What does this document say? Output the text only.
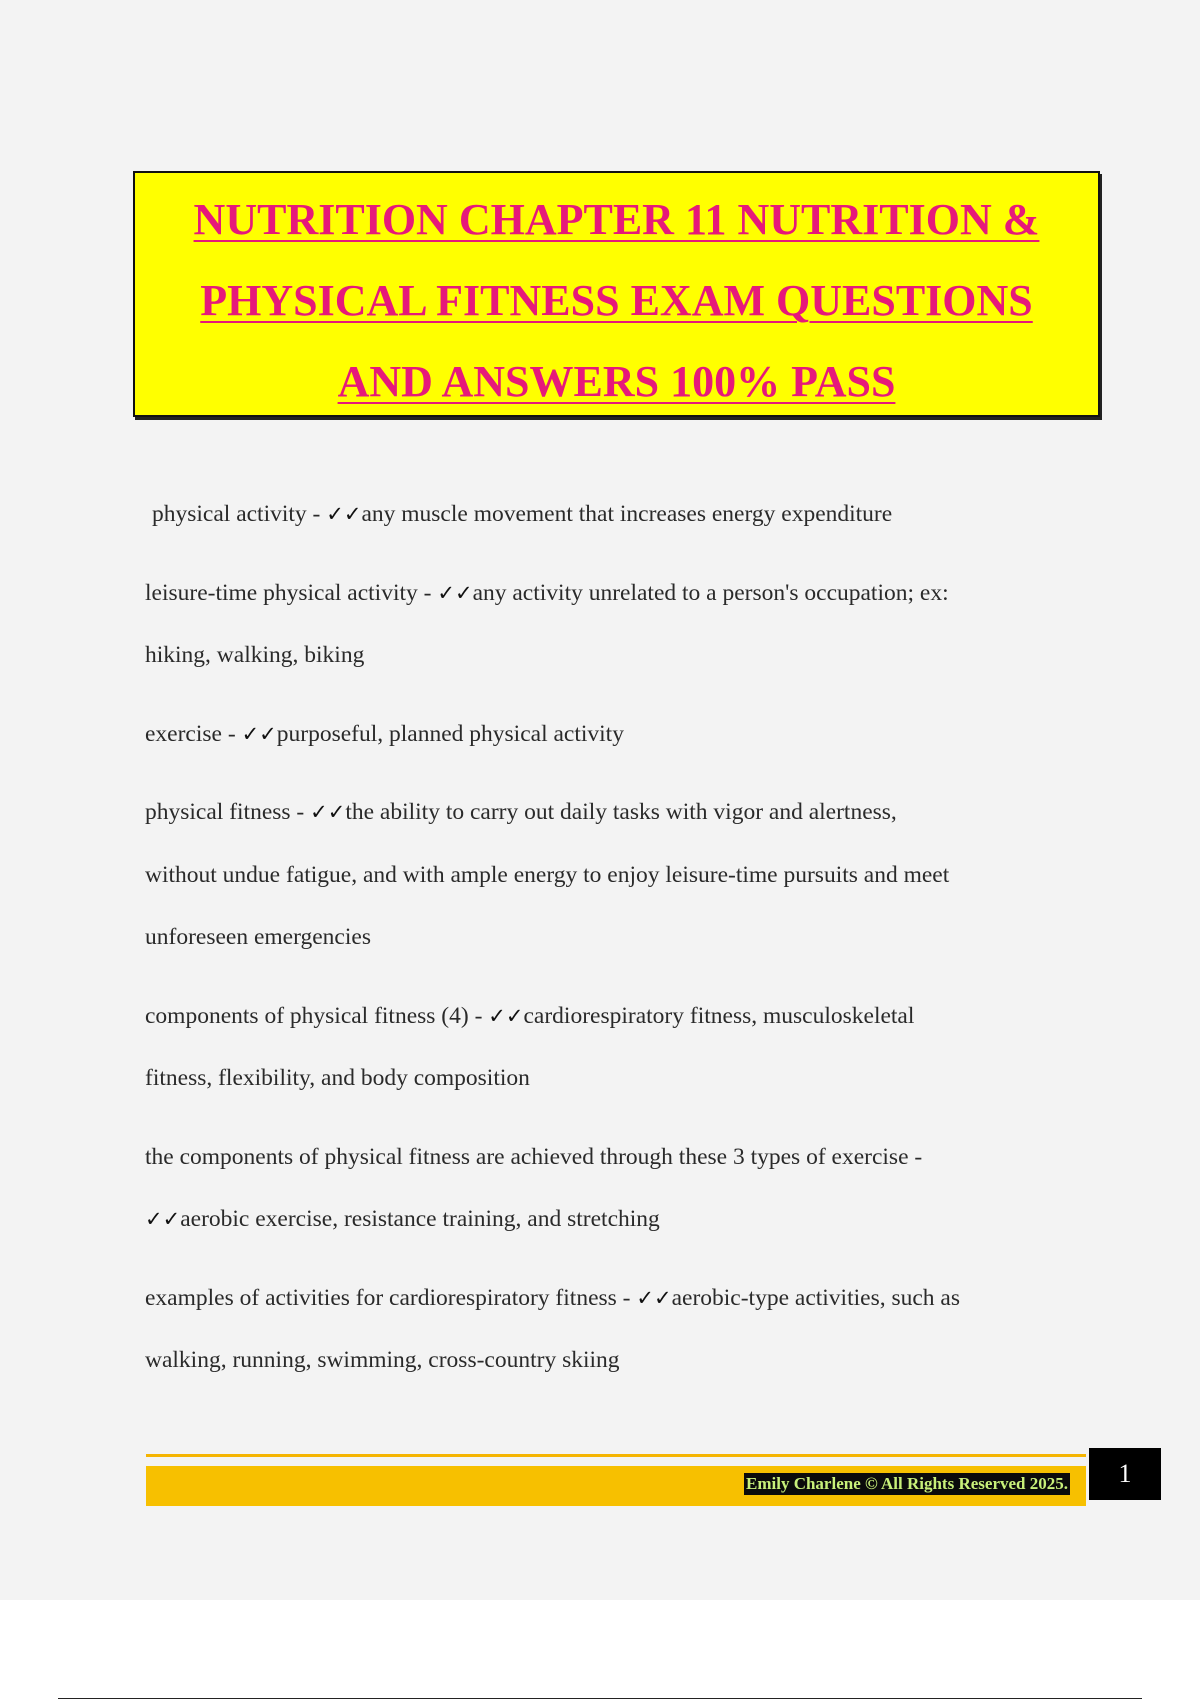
NUTRITION CHAPTER 11 NUTRITION &
PHYSICAL FITNESS EXAM QUESTIONS
AND ANSWERS 100% PASS
physical activity - ✓✓any muscle movement that increases energy expenditure
leisure-time physical activity - ✓✓any activity unrelated to a person's occupation; ex:
hiking, walking, biking
exercise - ✓✓purposeful, planned physical activity
physical fitness - ✓✓the ability to carry out daily tasks with vigor and alertness,
without undue fatigue, and with ample energy to enjoy leisure-time pursuits and meet
unforeseen emergencies
components of physical fitness (4) - ✓✓cardiorespiratory fitness, musculoskeletal
fitness, flexibility, and body composition
the components of physical fitness are achieved through these 3 types of exercise -
✓✓aerobic exercise, resistance training, and stretching
examples of activities for cardiorespiratory fitness - ✓✓aerobic-type activities, such as
walking, running, swimming, cross-country skiing
Emily Charlene © All Rights Reserved 2025.	1
